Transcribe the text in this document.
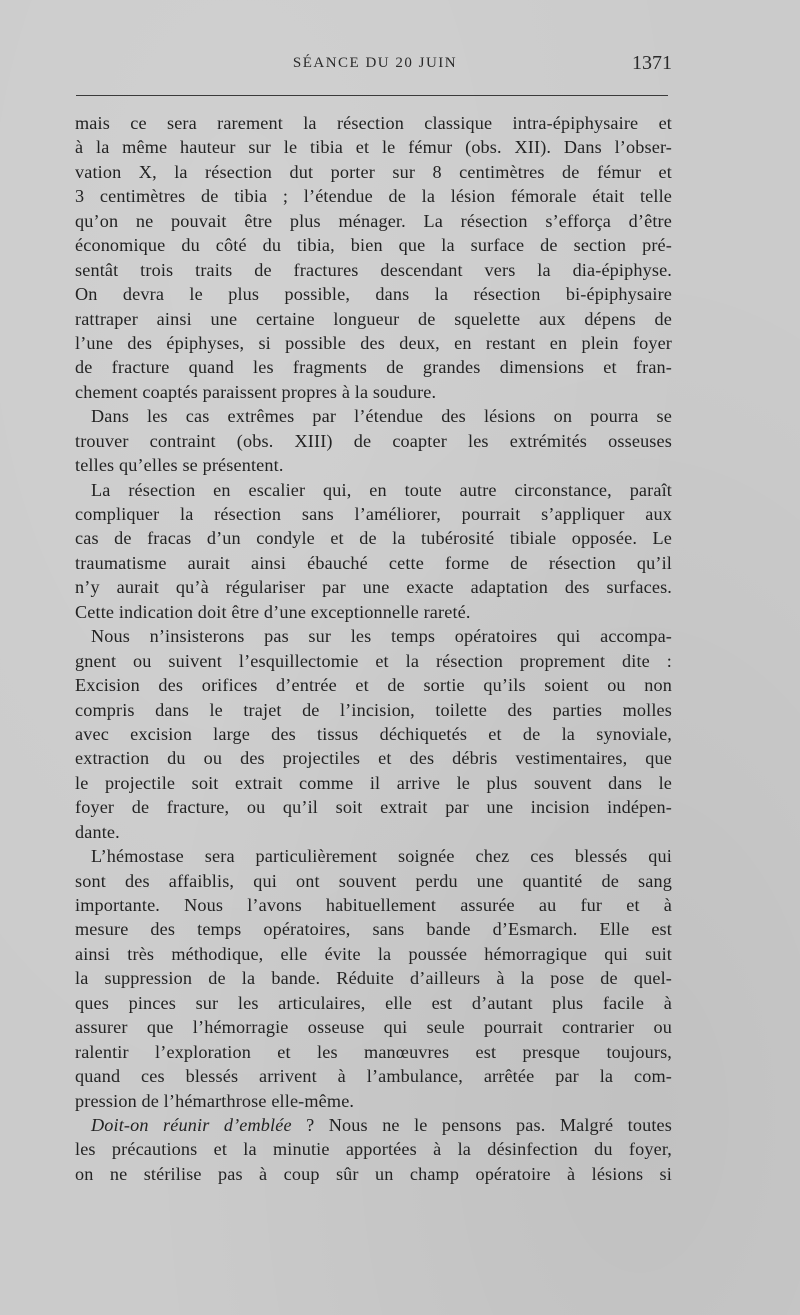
SÉANCE DU 20 JUIN	1371
mais ce sera rarement la résection classique intra-épiphysaire et
à la même hauteur sur le tibia et le fémur (obs. XII). Dans l’obser-
vation X, la résection dut porter sur 8 centimètres de fémur et
3 centimètres de tibia ; l’étendue de la lésion fémorale était telle
qu’on ne pouvait être plus ménager. La résection s’efforça d’être
économique du côté du tibia, bien que la surface de section pré-
sentât trois traits de fractures descendant vers la dia-épiphyse.
On devra le plus possible, dans la résection bi-épiphysaire
rattraper ainsi une certaine longueur de squelette aux dépens de
l’une des épiphyses, si possible des deux, en restant en plein foyer
de fracture quand les fragments de grandes dimensions et fran-
chement coaptés paraissent propres à la soudure.
Dans les cas extrêmes par l’étendue des lésions on pourra se
trouver contraint (obs. XIII) de coapter les extrémités osseuses
telles qu’elles se présentent.
La résection en escalier qui, en toute autre circonstance, paraît
compliquer la résection sans l’améliorer, pourrait s’appliquer aux
cas de fracas d’un condyle et de la tubérosité tibiale opposée. Le
traumatisme aurait ainsi ébauché cette forme de résection qu’il
n’y aurait qu’à régulariser par une exacte adaptation des surfaces.
Cette indication doit être d’une exceptionnelle rareté.
Nous n’insisterons pas sur les temps opératoires qui accompa-
gnent ou suivent l’esquillectomie et la résection proprement dite :
Excision des orifices d’entrée et de sortie qu’ils soient ou non
compris dans le trajet de l’incision, toilette des parties molles
avec excision large des tissus déchiquetés et de la synoviale,
extraction du ou des projectiles et des débris vestimentaires, que
le projectile soit extrait comme il arrive le plus souvent dans le
foyer de fracture, ou qu’il soit extrait par une incision indépen-
dante.
L’hémostase sera particulièrement soignée chez ces blessés qui
sont des affaiblis, qui ont souvent perdu une quantité de sang
importante. Nous l’avons habituellement assurée au fur et à
mesure des temps opératoires, sans bande d’Esmarch. Elle est
ainsi très méthodique, elle évite la poussée hémorragique qui suit
la suppression de la bande. Réduite d’ailleurs à la pose de quel-
ques pinces sur les articulaires, elle est d’autant plus facile à
assurer que l’hémorragie osseuse qui seule pourrait contrarier ou
ralentir l’exploration et les manœuvres est presque toujours,
quand ces blessés arrivent à l’ambulance, arrêtée par la com-
pression de l’hémarthrose elle-même.
Doit-on réunir d’emblée ? Nous ne le pensons pas. Malgré toutes
les précautions et la minutie apportées à la désinfection du foyer,
on ne stérilise pas à coup sûr un champ opératoire à lésions si
